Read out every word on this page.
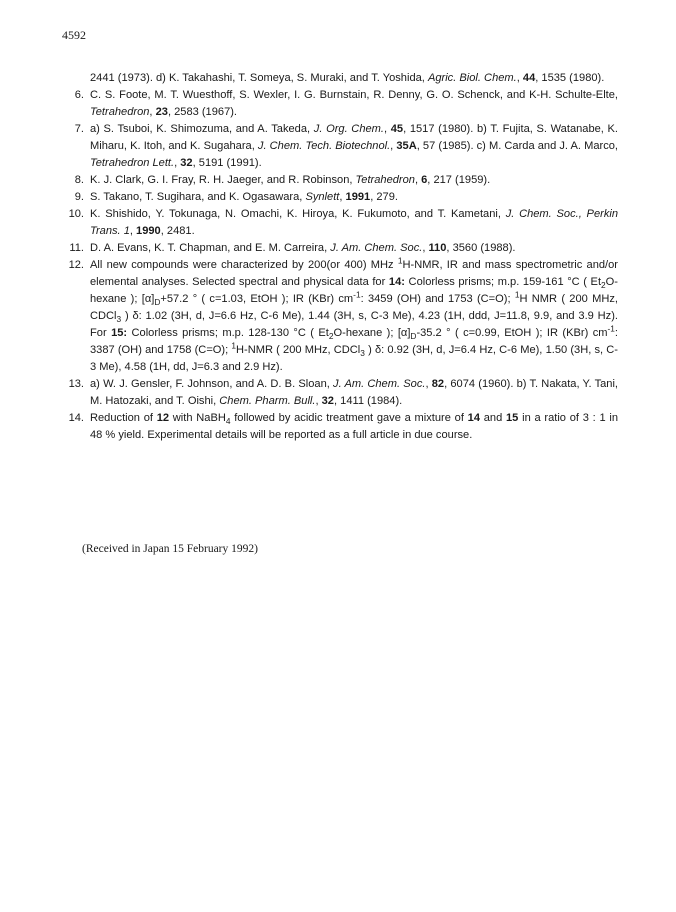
4592
2441 (1973). d) K. Takahashi, T. Someya, S. Muraki, and T. Yoshida, Agric. Biol. Chem., 44, 1535 (1980).
6. C. S. Foote, M. T. Wuesthoff, S. Wexler, I. G. Burnstain, R. Denny, G. O. Schenck, and K-H. Schulte-Elte, Tetrahedron, 23, 2583 (1967).
7. a) S. Tsuboi, K. Shimozuma, and A. Takeda, J. Org. Chem., 45, 1517 (1980). b) T. Fujita, S. Watanabe, K. Miharu, K. Itoh, and K. Sugahara, J. Chem. Tech. Biotechnol., 35A, 57 (1985). c) M. Carda and J. A. Marco, Tetrahedron Lett., 32, 5191 (1991).
8. K. J. Clark, G. I. Fray, R. H. Jaeger, and R. Robinson, Tetrahedron, 6, 217 (1959).
9. S. Takano, T. Sugihara, and K. Ogasawara, Synlett, 1991, 279.
10. K. Shishido, Y. Tokunaga, N. Omachi, K. Hiroya, K. Fukumoto, and T. Kametani, J. Chem. Soc., Perkin Trans. 1, 1990, 2481.
11. D. A. Evans, K. T. Chapman, and E. M. Carreira, J. Am. Chem. Soc., 110, 3560 (1988).
12. All new compounds were characterized by 200(or 400) MHz $^1$H-NMR, IR and mass spectrometric and/or elemental analyses. Selected spectral and physical data for 14: Colorless prisms; m.p. 159-161 °C ( $Et_2O$-hexane ); $[\alpha]_D+57.2$ ° ( c=1.03, EtOH ); IR (KBr) $cm^{-1}$: 3459 (OH) and 1753 (C=O); $^1$H NMR ( 200 MHz, CDCl$_3$ ) δ: 1.02 (3H, d, J=6.6 Hz, C-6 Me), 1.44 (3H, s, C-3 Me), 4.23 (1H, ddd, J=11.8, 9.9, and 3.9 Hz). For 15: Colorless prisms; m.p. 128-130 °C ( $Et_2O$-hexane ); $[\alpha]_D-35.2$ ° ( c=0.99, EtOH ); IR (KBr) $cm^{-1}$: 3387 (OH) and 1758 (C=O); $^1$H-NMR ( 200 MHz, CDCl$_3$ ) δ: 0.92 (3H, d, J=6.4 Hz, C-6 Me), 1.50 (3H, s, C-3 Me), 4.58 (1H, dd, J=6.3 and 2.9 Hz).
13. a) W. J. Gensler, F. Johnson, and A. D. B. Sloan, J. Am. Chem. Soc., 82, 6074 (1960). b) T. Nakata, Y. Tani, M. Hatozaki, and T. Oishi, Chem. Pharm. Bull., 32, 1411 (1984).
14. Reduction of 12 with NaBH$_4$ followed by acidic treatment gave a mixture of 14 and 15 in a ratio of 3 : 1 in 48 % yield. Experimental details will be reported as a full article in due course.
(Received in Japan 15 February 1992)
